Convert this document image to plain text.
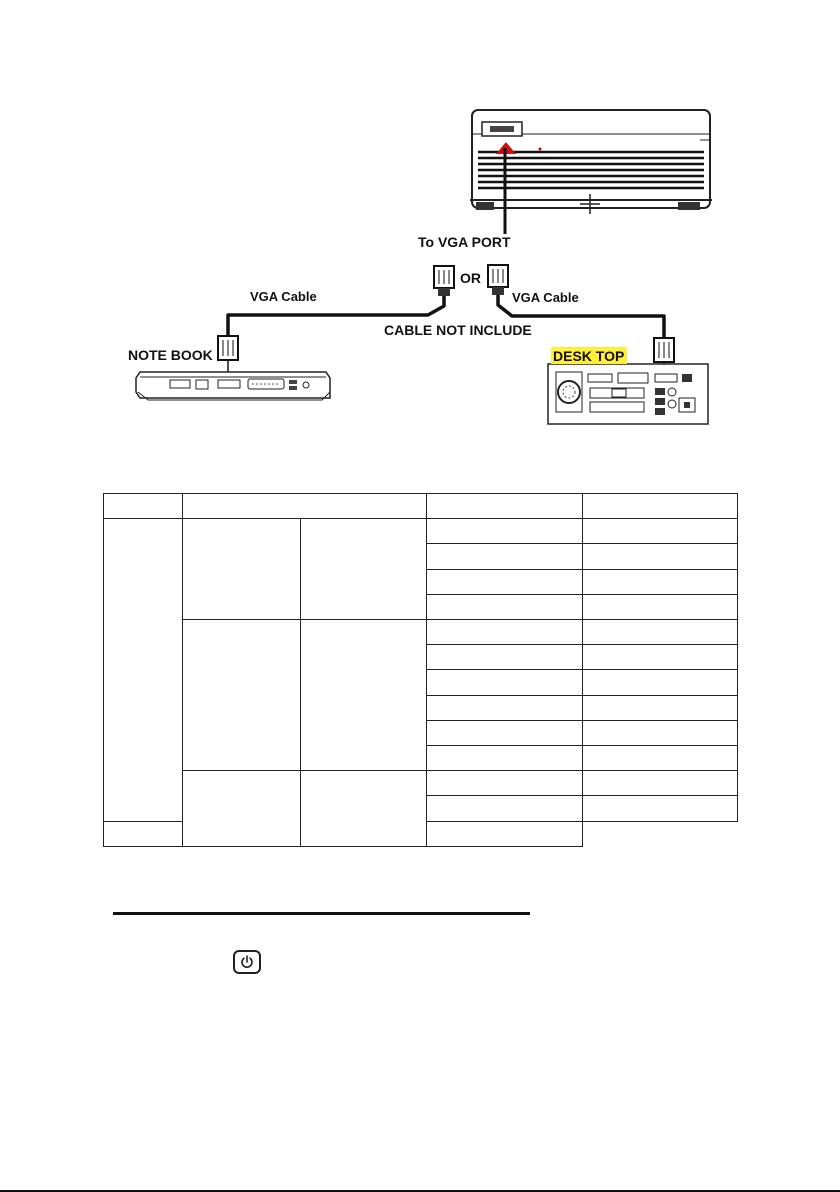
To VGA PORT
OR
VGA Cable	VGA Cable
CABLE NOT INCLUDE
NOTE BOOK	DESK TOP
